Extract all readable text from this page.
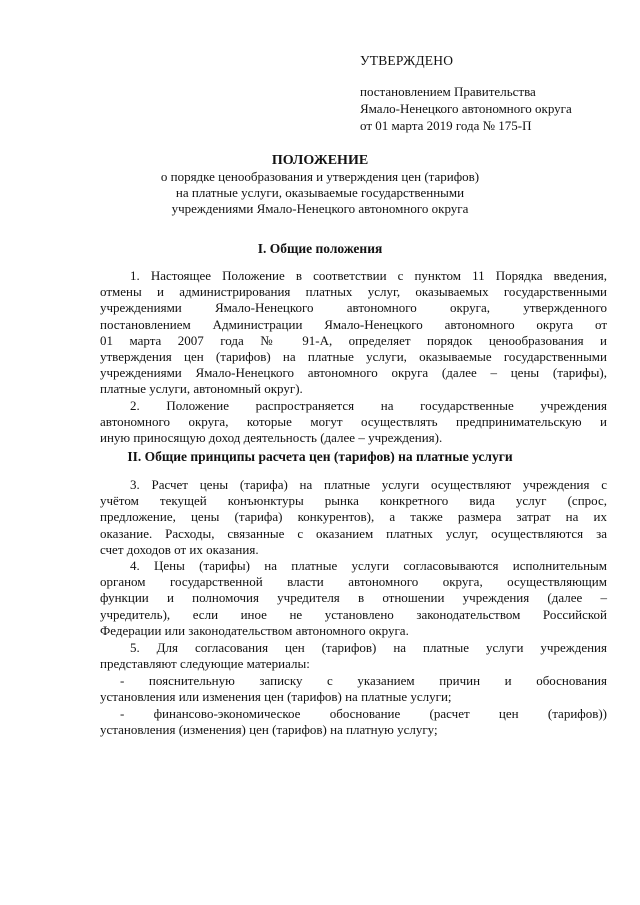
УТВЕРЖДЕНО
постановлением Правительства
Ямало-Ненецкого автономного округа
от 01 марта 2019 года № 175-П
ПОЛОЖЕНИЕ
о порядке ценообразования и утверждения цен (тарифов)
на платные услуги, оказываемые государственными
учреждениями Ямало-Ненецкого автономного округа
I. Общие положения
1. Настоящее Положение в соответствии с пунктом 11 Порядка введения,
отмены и администрирования платных услуг, оказываемых государственными
учреждениями Ямало-Ненецкого автономного округа, утвержденного
постановлением Администрации Ямало-Ненецкого автономного округа от
01 марта 2007 года № 91-А, определяет порядок ценообразования и
утверждения цен (тарифов) на платные услуги, оказываемые государственными
учреждениями Ямало-Ненецкого автономного округа (далее – цены (тарифы),
платные услуги, автономный округ).
2. Положение распространяется на государственные учреждения
автономного округа, которые могут осуществлять предпринимательскую и
иную приносящую доход деятельность (далее – учреждения).
II. Общие принципы расчета цен (тарифов) на платные услуги
3. Расчет цены (тарифа) на платные услуги осуществляют учреждения с
учётом текущей конъюнктуры рынка конкретного вида услуг (спрос,
предложение, цены (тарифа) конкурентов), а также размера затрат на их
оказание. Расходы, связанные с оказанием платных услуг, осуществляются за
счет доходов от их оказания.
4. Цены (тарифы) на платные услуги согласовываются исполнительным
органом государственной власти автономного округа, осуществляющим
функции и полномочия учредителя в отношении учреждения (далее –
учредитель), если иное не установлено законодательством Российской
Федерации или законодательством автономного округа.
5. Для согласования цен (тарифов) на платные услуги учреждения
представляют следующие материалы:
- пояснительную записку с указанием причин и обоснования
установления или изменения цен (тарифов) на платные услуги;
- финансово-экономическое обоснование (расчет цен (тарифов))
установления (изменения) цен (тарифов) на платную услугу;
